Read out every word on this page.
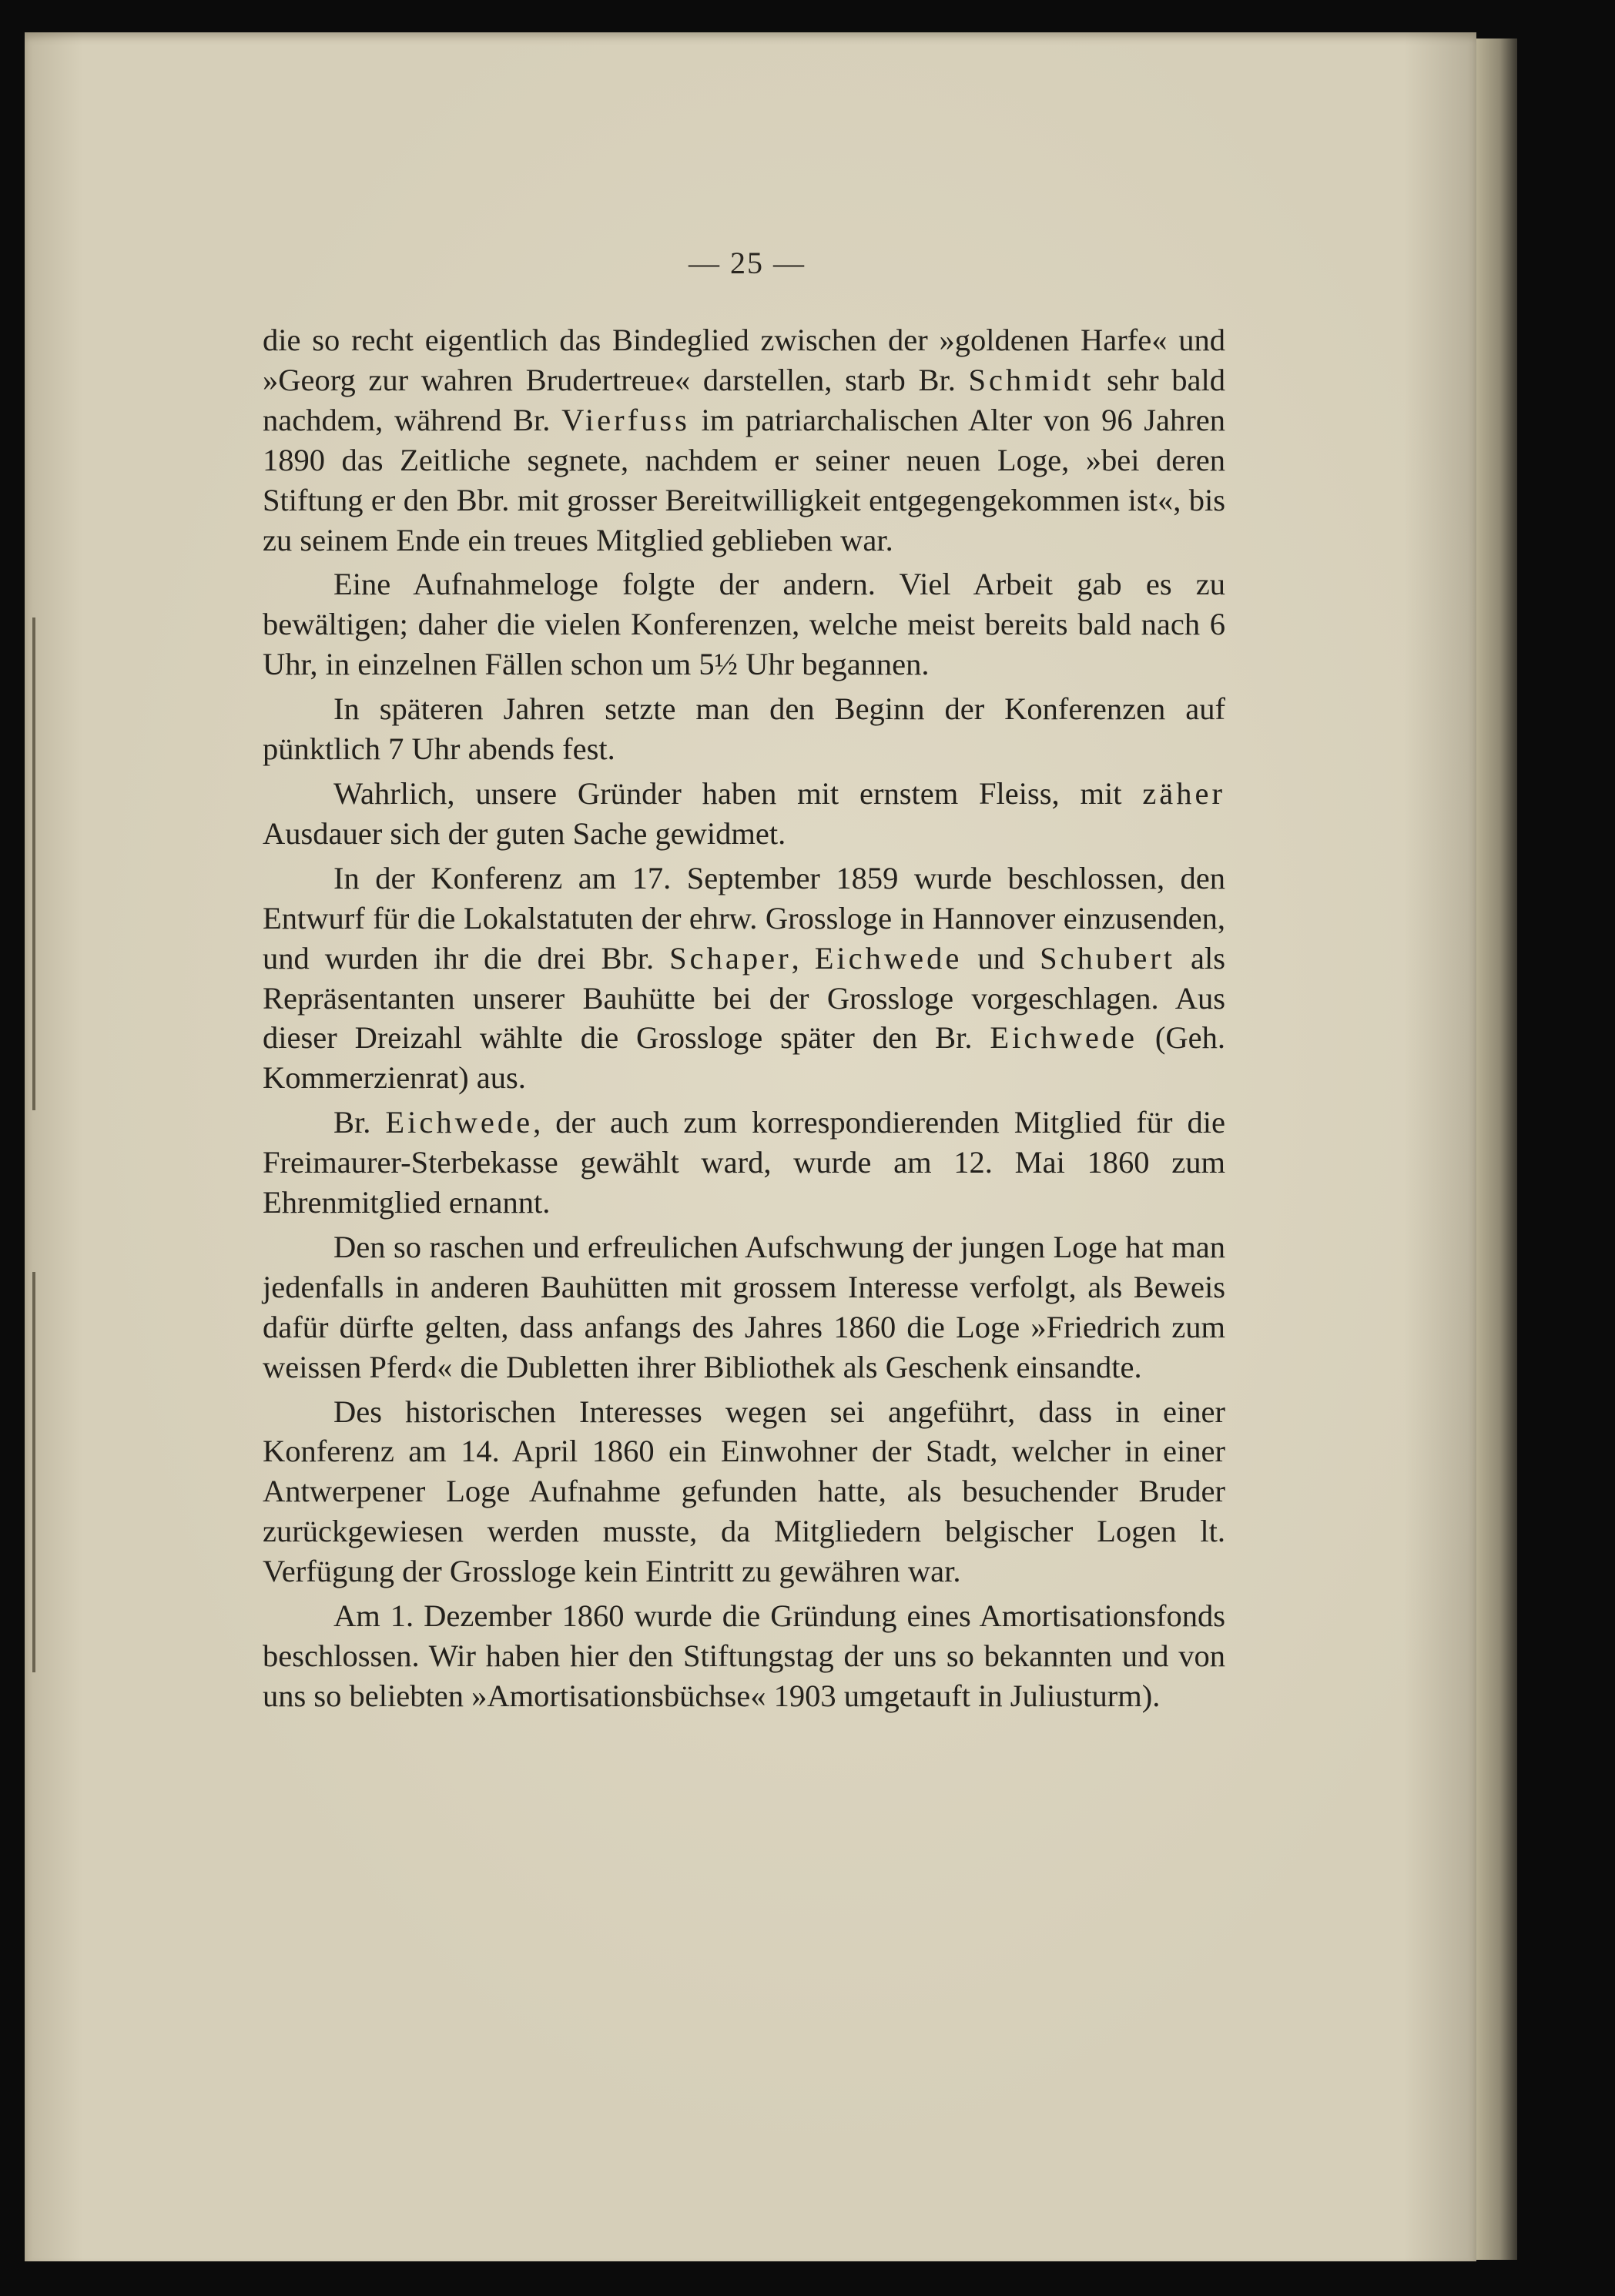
— 25 —

die so recht eigentlich das Bindeglied zwischen der »goldenen Harfe« und »Georg zur wahren Brudertreue« darstellen, starb Br. Schmidt sehr bald nachdem, während Br. Vierfuss im patriarchalischen Alter von 96 Jahren 1890 das Zeitliche segnete, nachdem er seiner neuen Loge, »bei deren Stiftung er den Bbr. mit grosser Bereitwilligkeit entgegengekommen ist«, bis zu seinem Ende ein treues Mitglied geblieben war.

Eine Aufnahmeloge folgte der andern. Viel Arbeit gab es zu bewältigen; daher die vielen Konferenzen, welche meist bereits bald nach 6 Uhr, in einzelnen Fällen schon um 5½ Uhr begannen.

In späteren Jahren setzte man den Beginn der Konferenzen auf pünktlich 7 Uhr abends fest.

Wahrlich, unsere Gründer haben mit ernstem Fleiss, mit zäher Ausdauer sich der guten Sache gewidmet.

In der Konferenz am 17. September 1859 wurde beschlossen, den Entwurf für die Lokalstatuten der ehrw. Grossloge in Hannover einzusenden, und wurden ihr die drei Bbr. Schaper, Eichwede und Schubert als Repräsentanten unserer Bauhütte bei der Grossloge vorgeschlagen. Aus dieser Dreizahl wählte die Grossloge später den Br. Eichwede (Geh. Kommerzienrat) aus.

Br. Eichwede, der auch zum korrespondierenden Mitglied für die Freimaurer-Sterbekasse gewählt ward, wurde am 12. Mai 1860 zum Ehrenmitglied ernannt.

Den so raschen und erfreulichen Aufschwung der jungen Loge hat man jedenfalls in anderen Bauhütten mit grossem Interesse verfolgt, als Beweis dafür dürfte gelten, dass anfangs des Jahres 1860 die Loge »Friedrich zum weissen Pferd« die Dubletten ihrer Bibliothek als Geschenk einsandte.

Des historischen Interesses wegen sei angeführt, dass in einer Konferenz am 14. April 1860 ein Einwohner der Stadt, welcher in einer Antwerpener Loge Aufnahme gefunden hatte, als besuchender Bruder zurückgewiesen werden musste, da Mitgliedern belgischer Logen lt. Verfügung der Grossloge kein Eintritt zu gewähren war.

Am 1. Dezember 1860 wurde die Gründung eines Amortisationsfonds beschlossen. Wir haben hier den Stiftungstag der uns so bekannten und von uns so beliebten »Amortisationsbüchse« 1903 umgetauft in Juliusturm).
